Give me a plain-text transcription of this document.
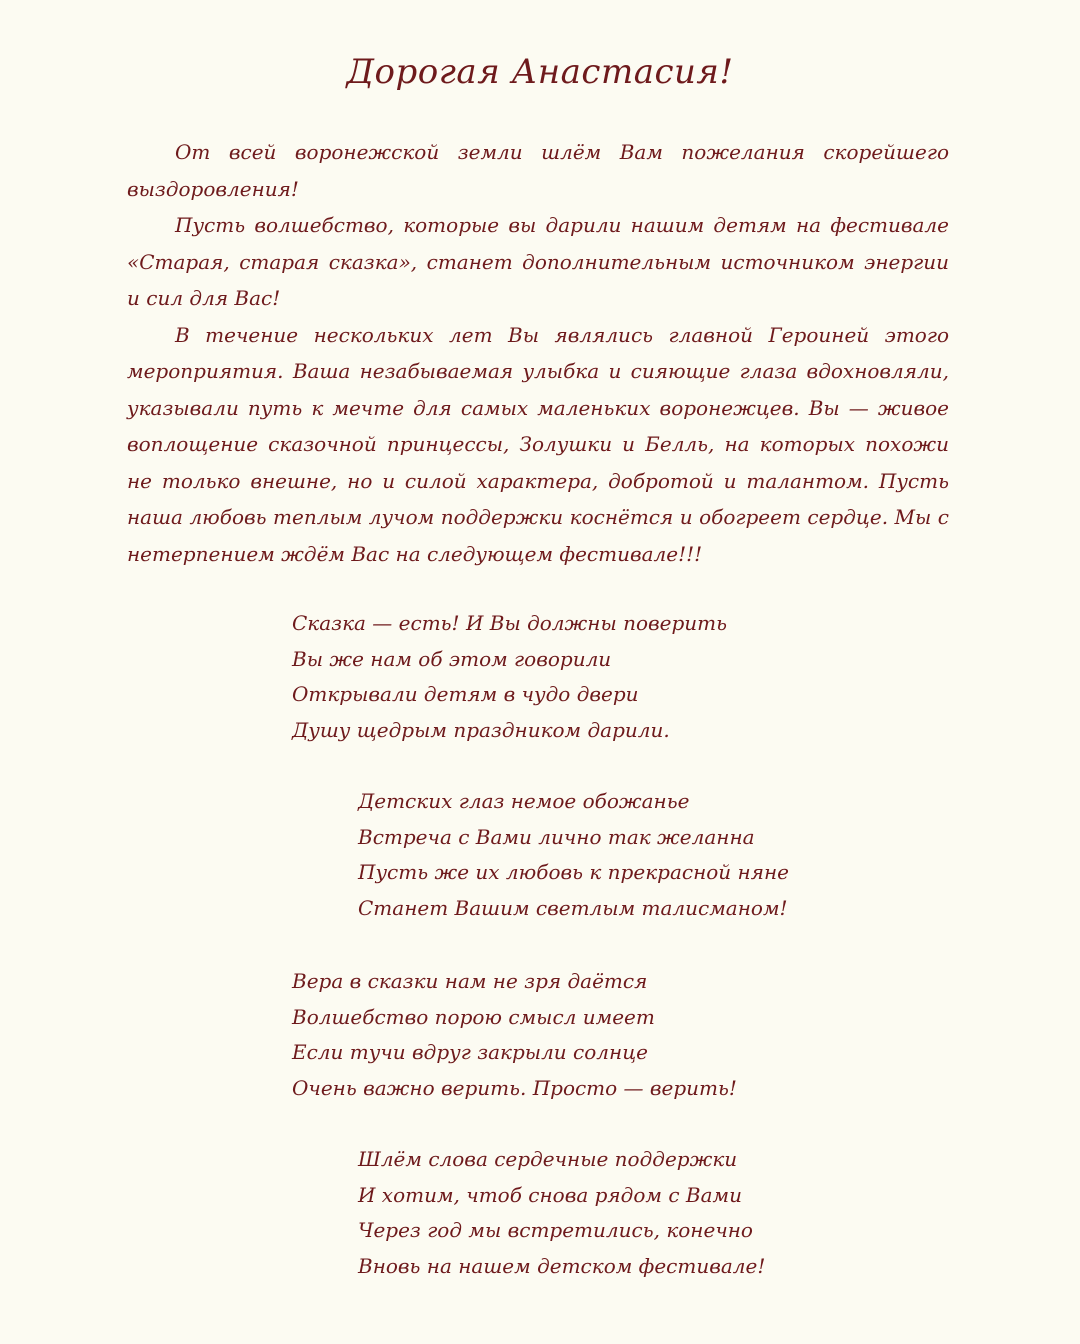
Дорогая Анастасия!

От всей воронежской земли шлём Вам пожелания скорейшего выздоровления!

Пусть волшебство, которые вы дарили нашим детям на фестивале «Старая, старая сказка», станет дополнительным источником энергии и сил для Вас!

В течение нескольких лет Вы являлись главной Героиней этого мероприятия. Ваша незабываемая улыбка и сияющие глаза вдохновляли, указывали путь к мечте для самых маленьких воронежцев. Вы — живое воплощение сказочной принцессы, Золушки и Белль, на которых похожи не только внешне, но и силой характера, добротой и талантом. Пусть наша любовь теплым лучом поддержки коснётся и обогреет сердце. Мы с нетерпением ждём Вас на следующем фестивале!!!

Сказка — есть! И Вы должны поверить
Вы же нам об этом говорили
Открывали детям в чудо двери
Душу щедрым праздником дарили.
Детских глаз немое обожанье
Встреча с Вами лично так желанна
Пусть же их любовь к прекрасной няне
Станет Вашим светлым талисманом!
Вера в сказки нам не зря даётся
Волшебство порою смысл имеет
Если тучи вдруг закрыли солнце
Очень важно верить. Просто — верить!
Шлём слова сердечные поддержки
И хотим, чтоб снова рядом с Вами
Через год мы встретились, конечно
Вновь на нашем детском фестивале!
